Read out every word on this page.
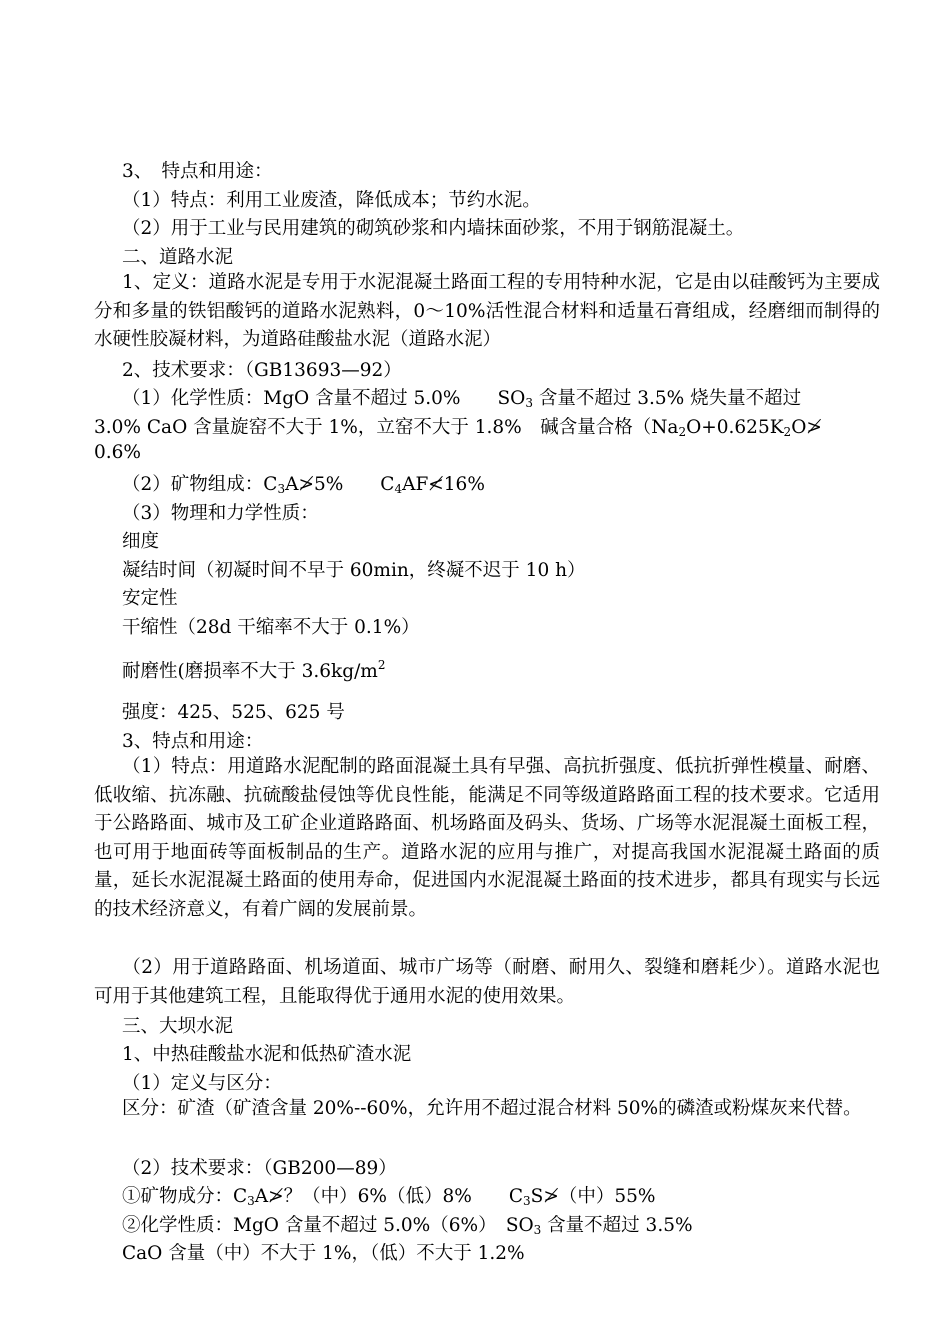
3、　特点和用途：
（1）特点：利用工业废渣，降低成本；节约水泥。
（2）用于工业与民用建筑的砌筑砂浆和内墙抹面砂浆，不用于钢筋混凝土。
二、道路水泥
1、定义：道路水泥是专用于水泥混凝土路面工程的专用特种水泥，它是由以硅酸钙为主要成分和多量的铁铝酸钙的道路水泥熟料，0～10%活性混合材料和适量石膏组成，经磨细而制得的水硬性胶凝材料，为道路硅酸盐水泥（道路水泥）
2、技术要求：（GB13693—92）
（1）化学性质：MgO 含量不超过 5.0%　　$SO_3$ 含量不超过 3.5% 烧失量不超过
3.0% CaO 含量旋窑不大于 1%，立窑不大于 1.8%　碱含量合格（$Na_2O+0.625K_2O≯$
0.6%
（2）矿物组成：$C_3A≯5\%$　　$C_4AF≮16\%$
（3）物理和力学性质：
细度
凝结时间（初凝时间不早于 60min，终凝不迟于 10 h）
安定性
干缩性（28d 干缩率不大于 0.1%）
耐磨性(磨损率不大于 $3.6kg/m^2$
强度：425、525、625 号
3、特点和用途：
（1）特点：用道路水泥配制的路面混凝土具有早强、高抗折强度、低抗折弹性模量、耐磨、低收缩、抗冻融、抗硫酸盐侵蚀等优良性能，能满足不同等级道路路面工程的技术要求。它适用于公路路面、城市及工矿企业道路路面、机场路面及码头、货场、广场等水泥混凝土面板工程，也可用于地面砖等面板制品的生产。道路水泥的应用与推广，对提高我国水泥混凝土路面的质量，延长水泥混凝土路面的使用寿命，促进国内水泥混凝土路面的技术进步，都具有现实与长远的技术经济意义，有着广阔的发展前景。
（2）用于道路路面、机场道面、城市广场等（耐磨、耐用久、裂缝和磨耗少）。道路水泥也可用于其他建筑工程，且能取得优于通用水泥的使用效果。
三、大坝水泥
1、中热硅酸盐水泥和低热矿渣水泥
（1）定义与区分：
区分：矿渣（矿渣含量 20%--60%，允许用不超过混合材料 50%的磷渣或粉煤灰来代替。
（2）技术要求：（GB200—89）
①矿物成分：$C_3A≯$？（中）6%（低）8%　　$C_3S≯$（中）55%
②化学性质：MgO 含量不超过 5.0%（6%）　$SO_3$ 含量不超过 3.5%
CaO 含量（中）不大于 1%，（低）不大于 1.2%
